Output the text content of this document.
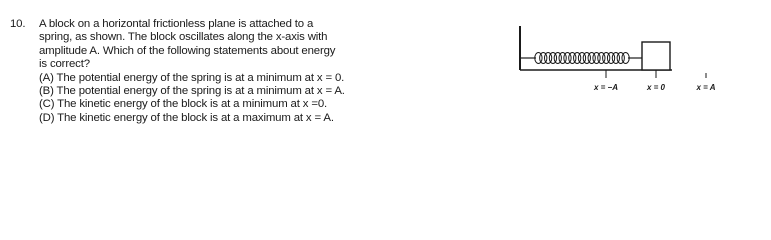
10. A block on a horizontal frictionless plane is attached to a
spring, as shown. The block oscillates along the x-axis with
amplitude A. Which of the following statements about energy
is correct?
(A) The potential energy of the spring is at a minimum at x = 0.
(B) The potential energy of the spring is at a minimum at x = A.
(C) The kinetic energy of the block is at a minimum at x =0.
(D) The kinetic energy of the block is at a maximum at x = A.
x = −A	x = 0	x = A
